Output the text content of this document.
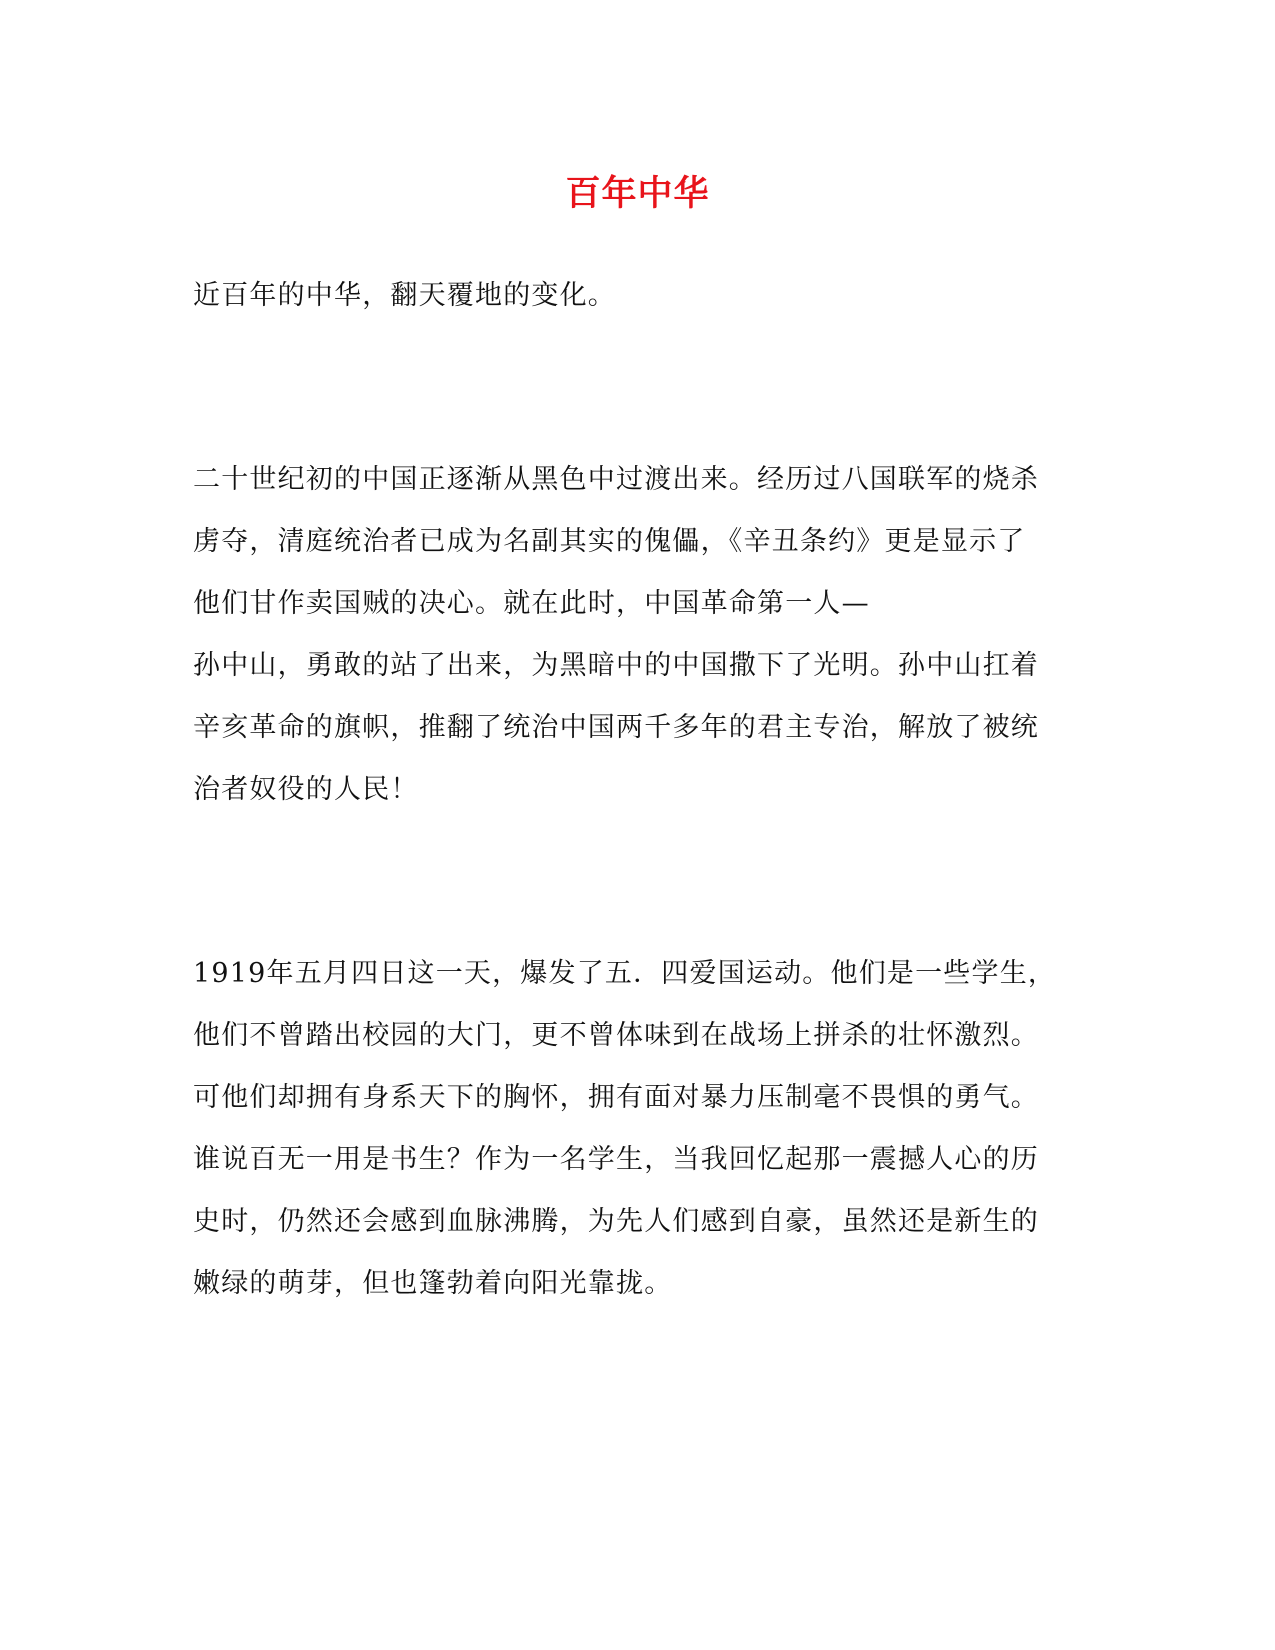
百年中华
近百年的中华，翻天覆地的变化。
二十世纪初的中国正逐渐从黑色中过渡出来。经历过八国联军的烧杀
虏夺，清庭统治者已成为名副其实的傀儡，《辛丑条约》更是显示了
他们甘作卖国贼的决心。就在此时，中国革命第一人—
孙中山，勇敢的站了出来，为黑暗中的中国撒下了光明。孙中山扛着
辛亥革命的旗帜，推翻了统治中国两千多年的君主专治，解放了被统
治者奴役的人民！
1919年五月四日这一天，爆发了五．四爱国运动。他们是一些学生，
他们不曾踏出校园的大门，更不曾体味到在战场上拼杀的壮怀激烈。
可他们却拥有身系天下的胸怀，拥有面对暴力压制毫不畏惧的勇气。
谁说百无一用是书生？作为一名学生，当我回忆起那一震撼人心的历
史时，仍然还会感到血脉沸腾，为先人们感到自豪，虽然还是新生的
嫩绿的萌芽，但也篷勃着向阳光靠拢。
